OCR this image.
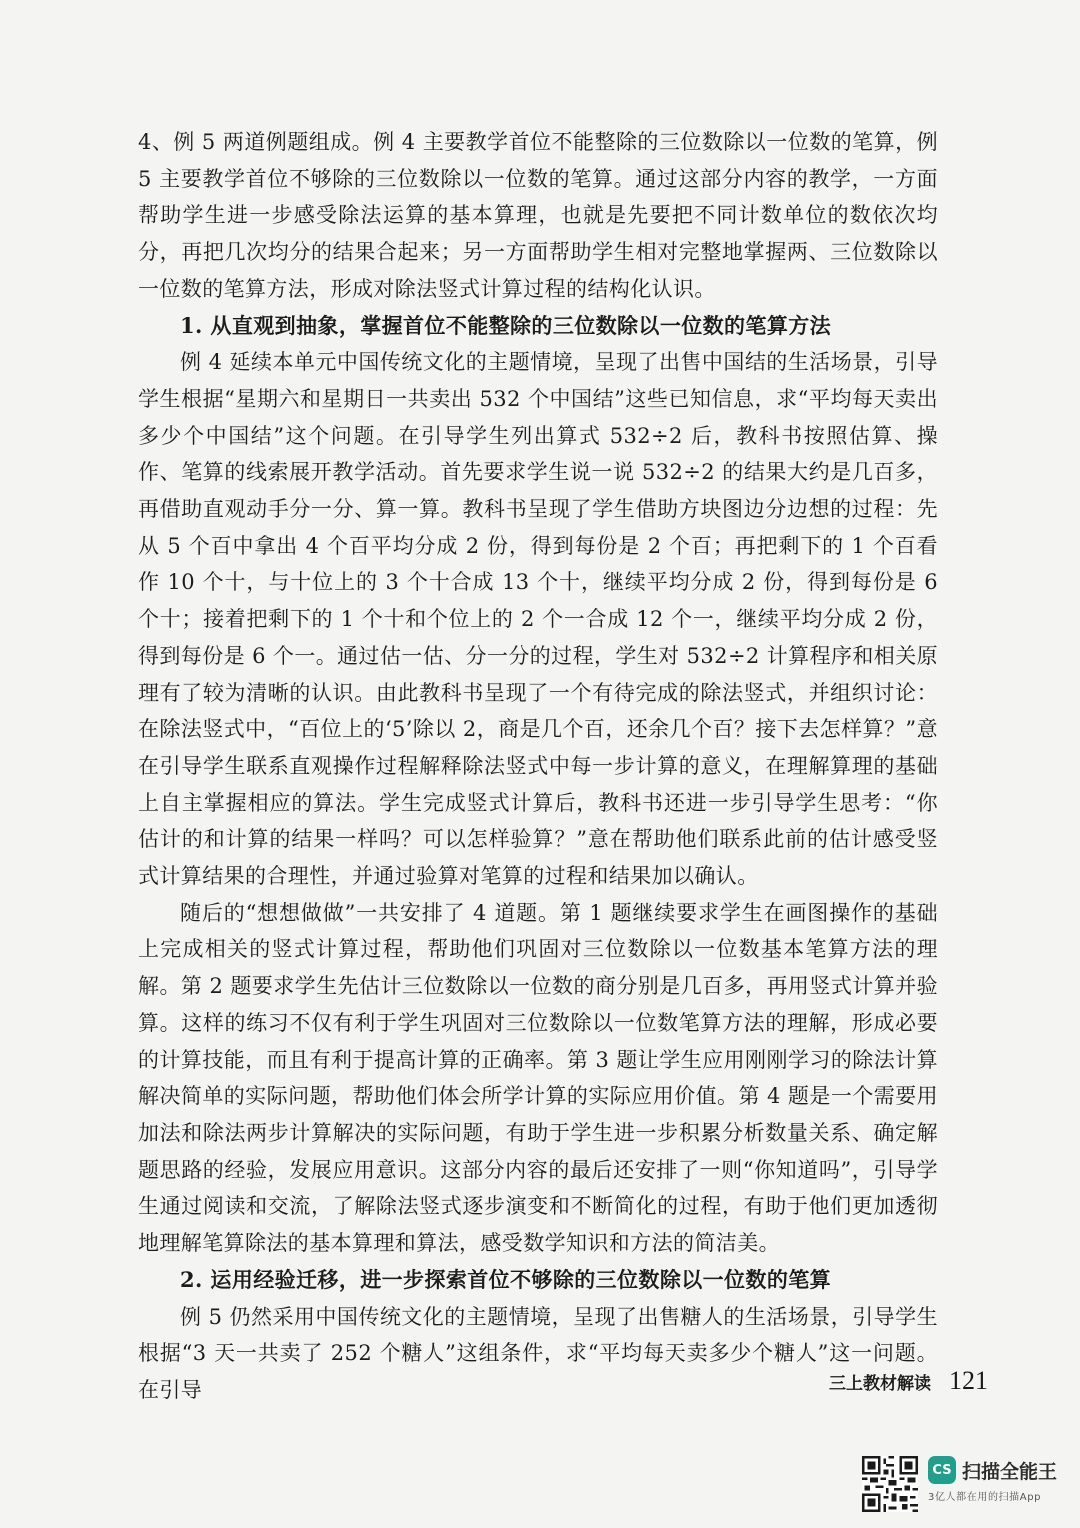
4、例 5 两道例题组成。例 4 主要教学首位不能整除的三位数除以一位数的笔算，例 5 主要教学首位不够除的三位数除以一位数的笔算。通过这部分内容的教学，一方面帮助学生进一步感受除法运算的基本算理，也就是先要把不同计数单位的数依次均分，再把几次均分的结果合起来；另一方面帮助学生相对完整地掌握两、三位数除以一位数的笔算方法，形成对除法竖式计算过程的结构化认识。

1. 从直观到抽象，掌握首位不能整除的三位数除以一位数的笔算方法

例 4 延续本单元中国传统文化的主题情境，呈现了出售中国结的生活场景，引导学生根据“星期六和星期日一共卖出 532 个中国结”这些已知信息，求“平均每天卖出多少个中国结”这个问题。在引导学生列出算式 532÷2 后，教科书按照估算、操作、笔算的线索展开教学活动。首先要求学生说一说 532÷2 的结果大约是几百多，再借助直观动手分一分、算一算。教科书呈现了学生借助方块图边分边想的过程：先从 5 个百中拿出 4 个百平均分成 2 份，得到每份是 2 个百；再把剩下的 1 个百看作 10 个十，与十位上的 3 个十合成 13 个十，继续平均分成 2 份，得到每份是 6 个十；接着把剩下的 1 个十和个位上的 2 个一合成 12 个一，继续平均分成 2 份，得到每份是 6 个一。通过估一估、分一分的过程，学生对 532÷2 计算程序和相关原理有了较为清晰的认识。由此教科书呈现了一个有待完成的除法竖式，并组织讨论：在除法竖式中，“百位上的‘5’除以 2，商是几个百，还余几个百？接下去怎样算？”意在引导学生联系直观操作过程解释除法竖式中每一步计算的意义，在理解算理的基础上自主掌握相应的算法。学生完成竖式计算后，教科书还进一步引导学生思考：“你估计的和计算的结果一样吗？可以怎样验算？”意在帮助他们联系此前的估计感受竖式计算结果的合理性，并通过验算对笔算的过程和结果加以确认。

随后的“想想做做”一共安排了 4 道题。第 1 题继续要求学生在画图操作的基础上完成相关的竖式计算过程，帮助他们巩固对三位数除以一位数基本笔算方法的理解。第 2 题要求学生先估计三位数除以一位数的商分别是几百多，再用竖式计算并验算。这样的练习不仅有利于学生巩固对三位数除以一位数笔算方法的理解，形成必要的计算技能，而且有利于提高计算的正确率。第 3 题让学生应用刚刚学习的除法计算解决简单的实际问题，帮助他们体会所学计算的实际应用价值。第 4 题是一个需要用加法和除法两步计算解决的实际问题，有助于学生进一步积累分析数量关系、确定解题思路的经验，发展应用意识。这部分内容的最后还安排了一则“你知道吗”，引导学生通过阅读和交流，了解除法竖式逐步演变和不断简化的过程，有助于他们更加透彻地理解笔算除法的基本算理和算法，感受数学知识和方法的简洁美。

2. 运用经验迁移，进一步探索首位不够除的三位数除以一位数的笔算

例 5 仍然采用中国传统文化的主题情境，呈现了出售糖人的生活场景，引导学生根据“3 天一共卖了 252 个糖人”这组条件，求“平均每天卖多少个糖人”这一问题。在引导	三上教材解读 121
CS 扫描全能王
3亿人都在用的扫描App
